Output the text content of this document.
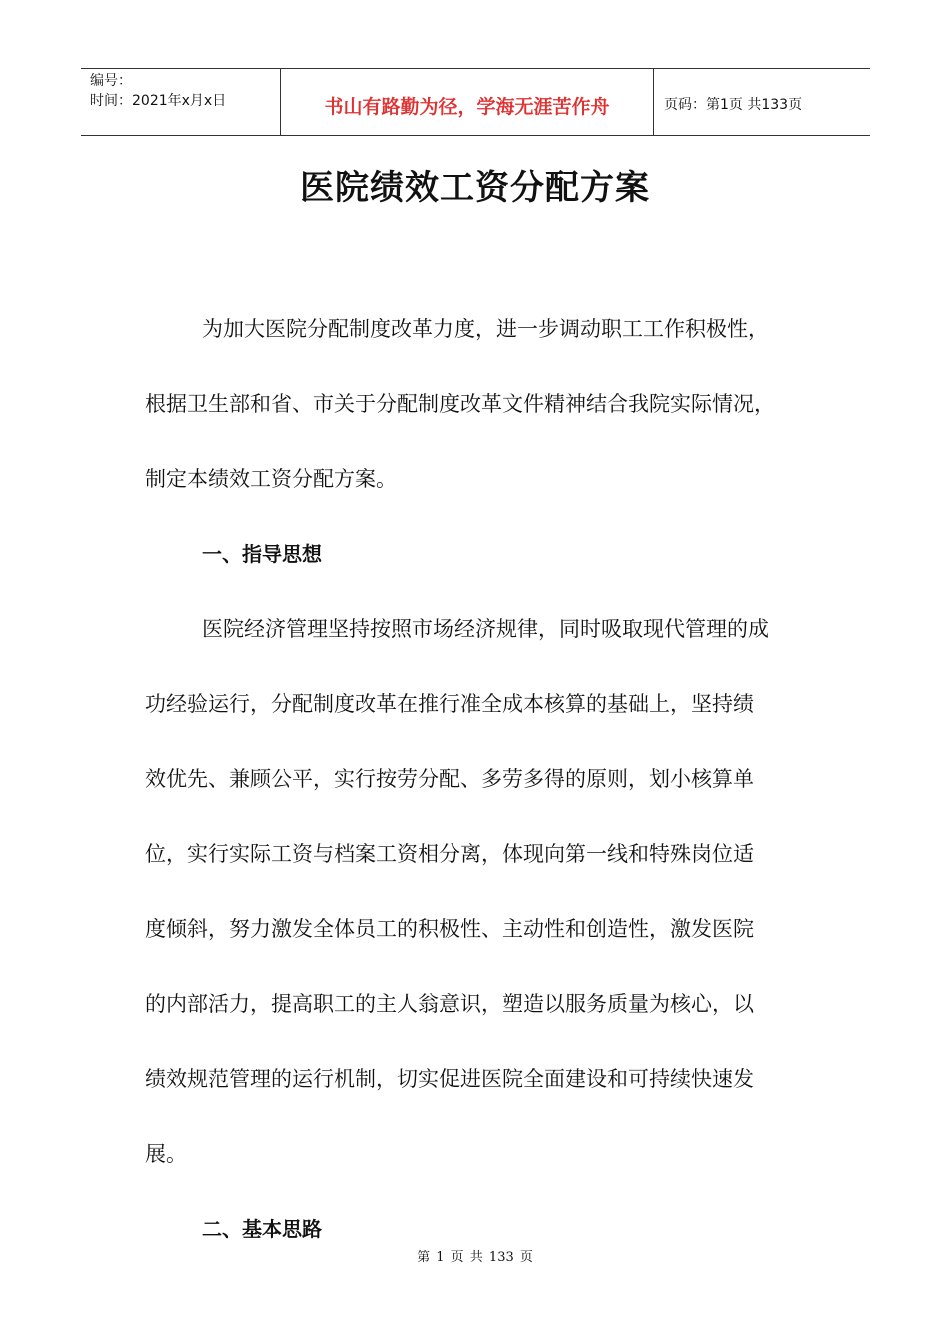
编号：
时间：2021年x月x日	书山有路勤为径，学海无涯苦作舟	页码：第1页 共133页
医院绩效工资分配方案

为加大医院分配制度改革力度，进一步调动职工工作积极性，

根据卫生部和省、市关于分配制度改革文件精神结合我院实际情况，

制定本绩效工资分配方案。

一、指导思想

医院经济管理坚持按照市场经济规律，同时吸取现代管理的成

功经验运行，分配制度改革在推行准全成本核算的基础上，坚持绩

效优先、兼顾公平，实行按劳分配、多劳多得的原则，划小核算单

位，实行实际工资与档案工资相分离，体现向第一线和特殊岗位适

度倾斜，努力激发全体员工的积极性、主动性和创造性，激发医院

的内部活力，提高职工的主人翁意识，塑造以服务质量为核心，以

绩效规范管理的运行机制，切实促进医院全面建设和可持续快速发

展。

二、基本思路

第 1 页 共 133 页
